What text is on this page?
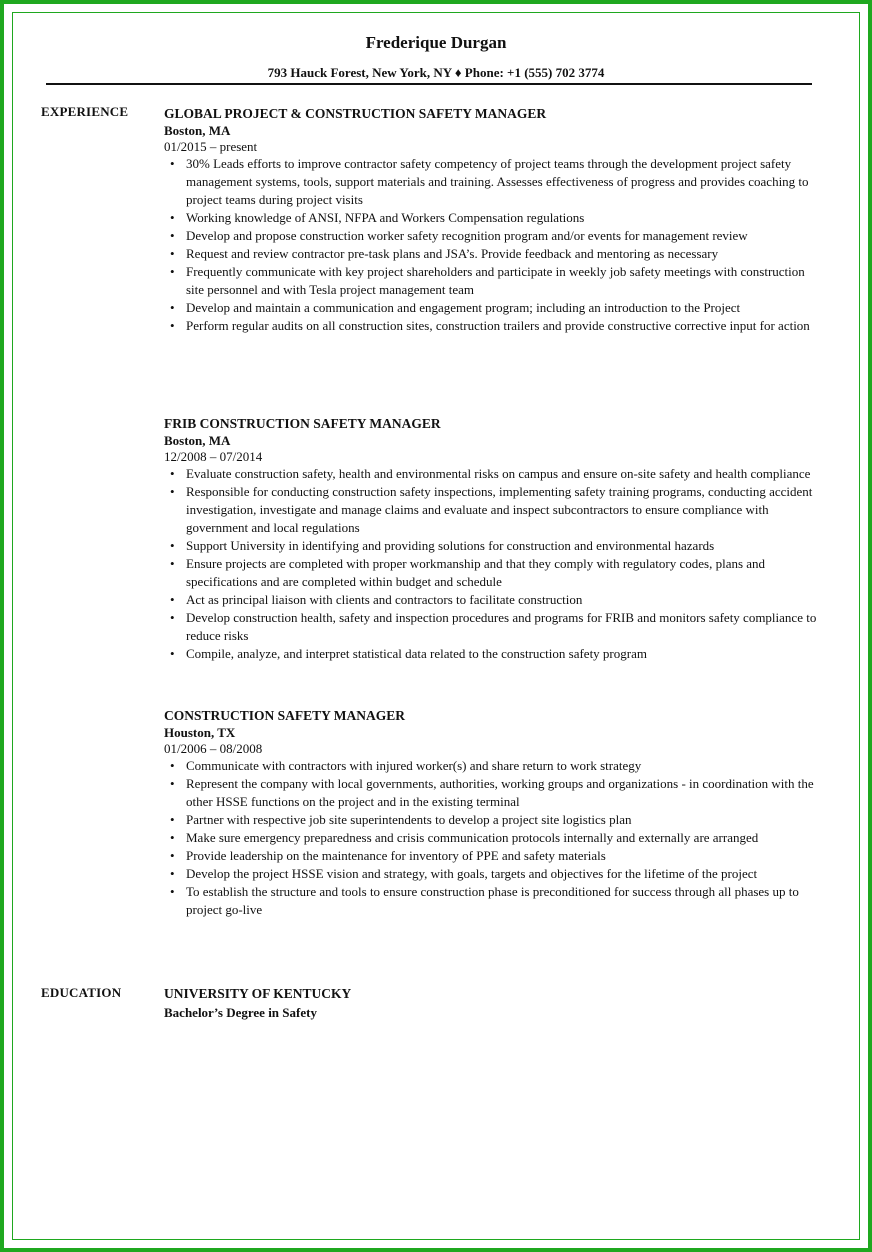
Frederique Durgan
793 Hauck Forest, New York, NY ♦ Phone: +1 (555) 702 3774
EXPERIENCE	GLOBAL PROJECT & CONSTRUCTION SAFETY MANAGER
Boston, MA
01/2015 – present
• 30% Leads efforts to improve contractor safety competency of project teams through the development project safety management systems, tools, support materials and training. Assesses effectiveness of progress and provides coaching to project teams during project visits
• Working knowledge of ANSI, NFPA and Workers Compensation regulations
• Develop and propose construction worker safety recognition program and/or events for management review
• Request and review contractor pre-task plans and JSA’s. Provide feedback and mentoring as necessary
• Frequently communicate with key project shareholders and participate in weekly job safety meetings with construction site personnel and with Tesla project management team
• Develop and maintain a communication and engagement program; including an introduction to the Project
• Perform regular audits on all construction sites, construction trailers and provide constructive corrective input for action
FRIB CONSTRUCTION SAFETY MANAGER
Boston, MA
12/2008 – 07/2014
• Evaluate construction safety, health and environmental risks on campus and ensure on-site safety and health compliance
• Responsible for conducting construction safety inspections, implementing safety training programs, conducting accident investigation, investigate and manage claims and evaluate and inspect subcontractors to ensure compliance with government and local regulations
• Support University in identifying and providing solutions for construction and environmental hazards
• Ensure projects are completed with proper workmanship and that they comply with regulatory codes, plans and specifications and are completed within budget and schedule
• Act as principal liaison with clients and contractors to facilitate construction
• Develop construction health, safety and inspection procedures and programs for FRIB and monitors safety compliance to reduce risks
• Compile, analyze, and interpret statistical data related to the construction safety program
CONSTRUCTION SAFETY MANAGER
Houston, TX
01/2006 – 08/2008
• Communicate with contractors with injured worker(s) and share return to work strategy
• Represent the company with local governments, authorities, working groups and organizations - in coordination with the other HSSE functions on the project and in the existing terminal
• Partner with respective job site superintendents to develop a project site logistics plan
• Make sure emergency preparedness and crisis communication protocols internally and externally are arranged
• Provide leadership on the maintenance for inventory of PPE and safety materials
• Develop the project HSSE vision and strategy, with goals, targets and objectives for the lifetime of the project
• To establish the structure and tools to ensure construction phase is preconditioned for success through all phases up to project go-live
EDUCATION	UNIVERSITY OF KENTUCKY
Bachelor’s Degree in Safety
